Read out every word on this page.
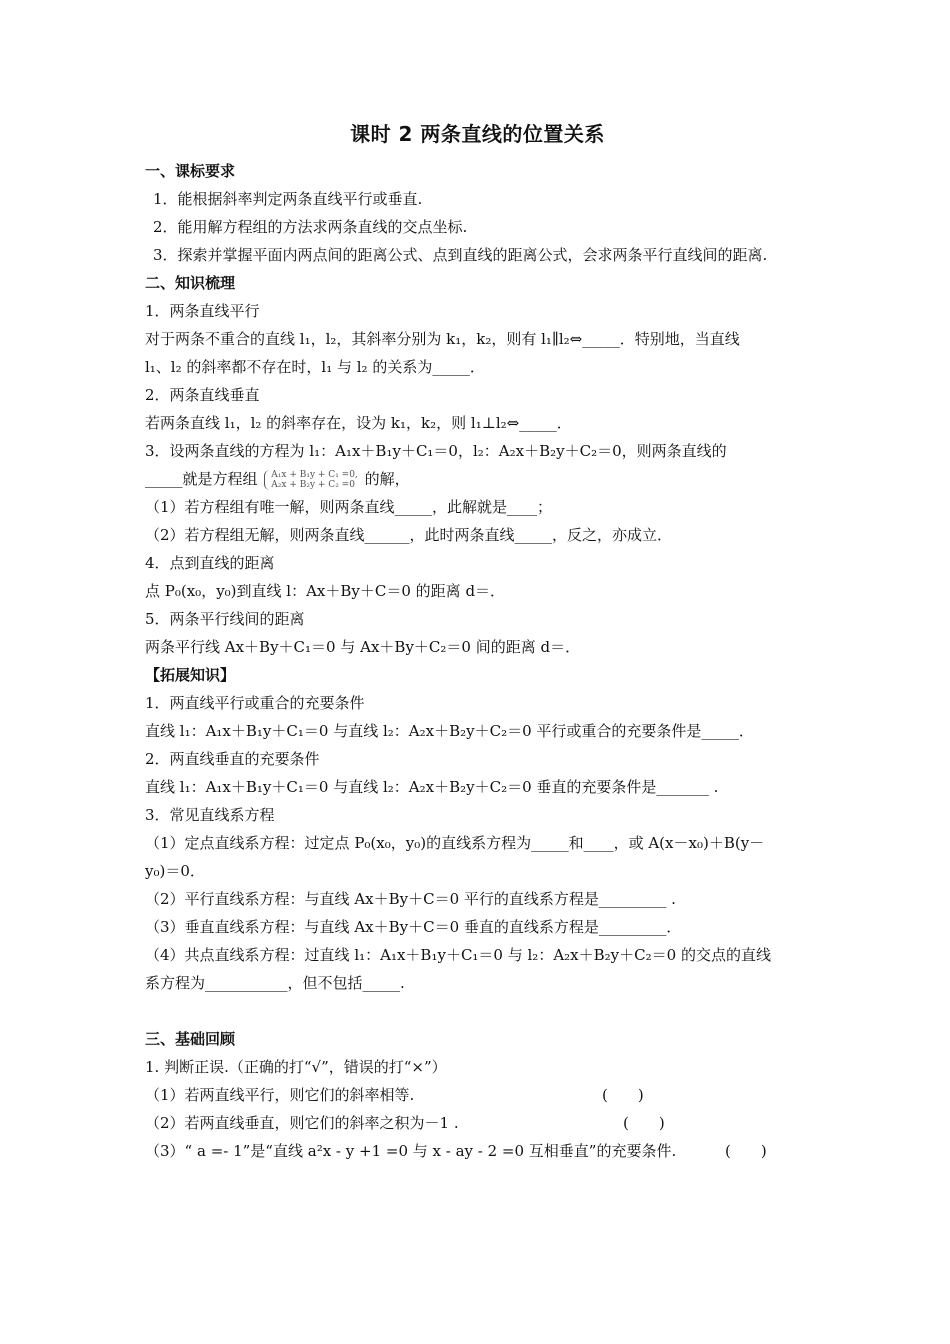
课时 2 两条直线的位置关系

一、课标要求

1．能根据斜率判定两条直线平行或垂直.

2．能用解方程组的方法求两条直线的交点坐标.

3．探索并掌握平面内两点间的距离公式、点到直线的距离公式，会求两条平行直线间的距离.

二、知识梳理

1．两条直线平行

对于两条不重合的直线 l₁，l₂，其斜率分别为 k₁，k₂，则有 l₁∥l₂⇔_____．特别地，当直线

l₁、l₂ 的斜率都不存在时，l₁ 与 l₂ 的关系为_____．

2．两条直线垂直

若两条直线 l₁，l₂ 的斜率存在，设为 k₁，k₂，则 l₁⊥l₂⇔_____．

3．设两条直线的方程为 l₁：A₁x＋B₁y＋C₁＝0，l₂：A₂x＋B₂y＋C₂＝0，则两条直线的

_____就是方程组 A₁x + B₁y + C₁ =0,
A₂x + B₂y + C₂ =0 的解，

（1）若方程组有唯一解，则两条直线_____，此解就是____；

（2）若方程组无解，则两条直线______，此时两条直线_____，反之，亦成立．

4．点到直线的距离

点 P₀(x₀，y₀)到直线 l：Ax＋By＋C＝0 的距离 d＝．

5．两条平行线间的距离

两条平行线 Ax＋By＋C₁＝0 与 Ax＋By＋C₂＝0 间的距离 d＝．

【拓展知识】

1．两直线平行或重合的充要条件

直线 l₁：A₁x＋B₁y＋C₁＝0 与直线 l₂：A₂x＋B₂y＋C₂＝0 平行或重合的充要条件是_____．

2．两直线垂直的充要条件

直线 l₁：A₁x＋B₁y＋C₁＝0 与直线 l₂：A₂x＋B₂y＋C₂＝0 垂直的充要条件是_______ .

3．常见直线系方程

（1）定点直线系方程：过定点 P₀(x₀，y₀)的直线系方程为_____和____，或 A(x－x₀)＋B(y－

y₀)＝0．

（2）平行直线系方程：与直线 Ax＋By＋C＝0 平行的直线系方程是_________ .

（3）垂直直线系方程：与直线 Ax＋By＋C＝0 垂直的直线系方程是_________．

（4）共点直线系方程：过直线 l₁：A₁x＋B₁y＋C₁＝0 与 l₂：A₂x＋B₂y＋C₂＝0 的交点的直线

系方程为___________，但不包括_____.

三、基础回顾

1. 判断正误.（正确的打“√”，错误的打“×”）

（1）若两直线平行，则它们的斜率相等.	(　　)

（2）若两直线垂直，则它们的斜率之积为－1 .	(　　)

（3）“ a =- 1”是“直线 a²x - y +1 =0 与 x - ay - 2 =0 互相垂直”的充要条件.	(　　)
